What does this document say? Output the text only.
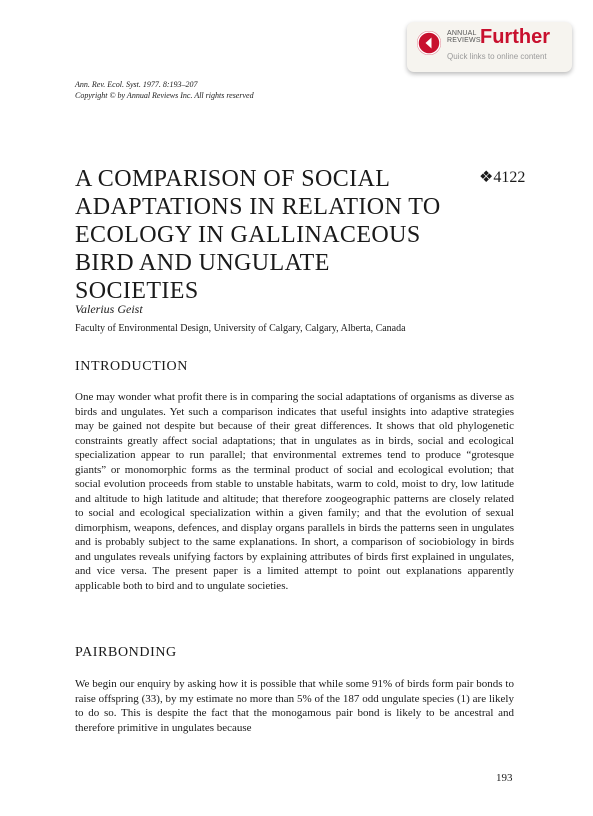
ANNUAL
REVIEWS Further
Quick links to online content
Ann. Rev. Ecol. Syst. 1977. 8:193–207
Copyright © by Annual Reviews Inc. All rights reserved
A COMPARISON OF SOCIAL ADAPTATIONS IN RELATION TO ECOLOGY IN GALLINACEOUS BIRD AND UNGULATE SOCIETIES
❖4122
Valerius Geist
Faculty of Environmental Design, University of Calgary, Calgary, Alberta, Canada
INTRODUCTION

One may wonder what profit there is in comparing the social adaptations of organisms as diverse as birds and ungulates. Yet such a comparison indicates that useful insights into adaptive strategies may be gained not despite but because of their great differences. It shows that old phylogenetic constraints greatly affect social adaptations; that in ungulates as in birds, social and ecological specialization appear to run parallel; that environmental extremes tend to produce “grotesque giants” or monomorphic forms as the terminal product of social and ecological evolution; that social evolution proceeds from stable to unstable habitats, warm to cold, moist to dry, low latitude and altitude to high latitude and altitude; that therefore zoogeographic patterns are closely related to social and ecological specialization within a given family; and that the evolution of sexual dimorphism, weapons, defences, and display organs parallels in birds the patterns seen in ungulates and is probably subject to the same explanations. In short, a comparison of sociobiology in birds and ungulates reveals unifying factors by explaining attributes of birds first explained in ungulates, and vice versa. The present paper is a limited attempt to point out explanations apparently applicable both to bird and to ungulate societies.

PAIRBONDING

We begin our enquiry by asking how it is possible that while some 91% of birds form pair bonds to raise offspring (33), by my estimate no more than 5% of the 187 odd ungulate species (1) are likely to do so. This is despite the fact that the monogamous pair bond is likely to be ancestral and therefore primitive in ungulates because

193
